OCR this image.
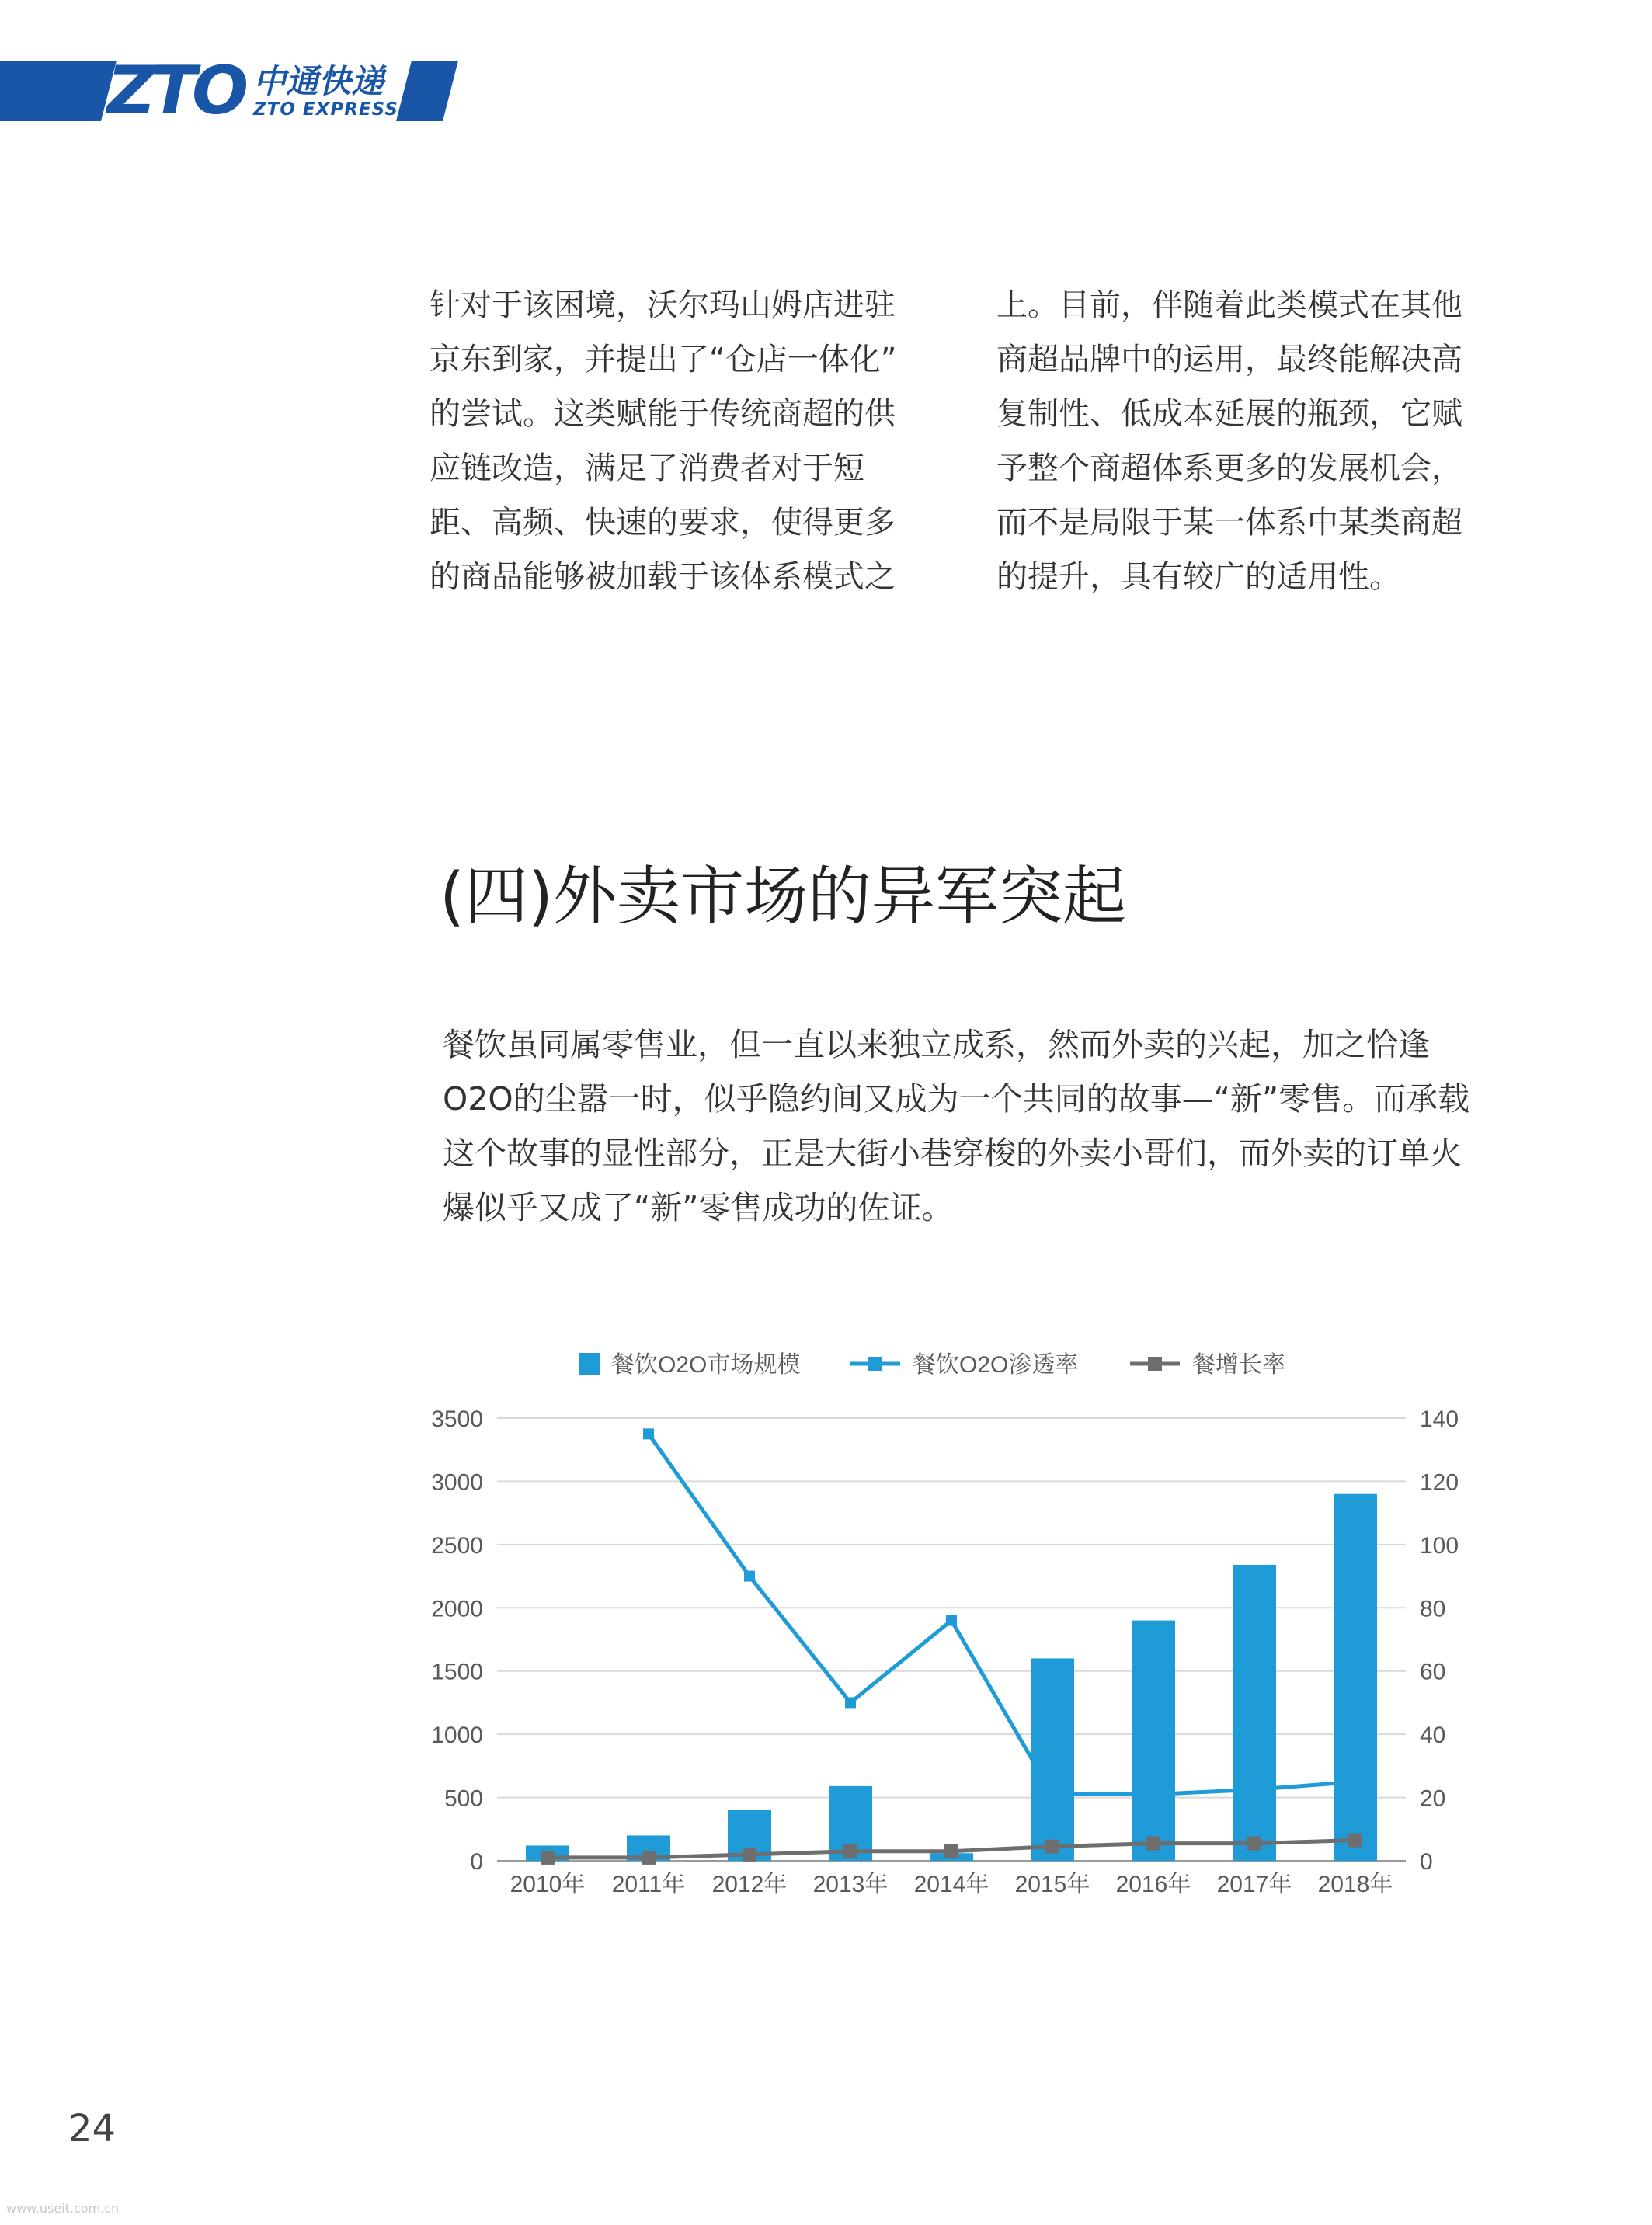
ZTO 中通快递
ZTO EXPRESS

针对于该困境，沃尔玛山姆店进驻

京东到家，并提出了“仓店一体化”

的尝试。这类赋能于传统商超的供

应链改造，满足了消费者对于短

距、高频、快速的要求，使得更多

的商品能够被加载于该体系模式之

上。目前，伴随着此类模式在其他

商超品牌中的运用，最终能解决高

复制性、低成本延展的瓶颈，它赋

予整个商超体系更多的发展机会，

而不是局限于某一体系中某类商超

的提升，具有较广的适用性。

(四)外卖市场的异军突起
餐饮虽同属零售业，但一直以来独立成系，然而外卖的兴起，加之恰逢
O2O的尘嚣一时，似乎隐约间又成为一个共同的故事—“新”零售。而承载
这个故事的显性部分，正是大街小巷穿梭的外卖小哥们，而外卖的订单火
爆似乎又成了“新”零售成功的佐证。
0
500
1000
1500
2000
2500
3000
3500
0
20
40
60
80
100
120
140
2010年 2011年 2012年 2013年 2014年 2015年 2016年 2017年 2018年
餐饮O2O市场规模	餐饮O2O渗透率	餐增长率
24
www.useit.com.cn
